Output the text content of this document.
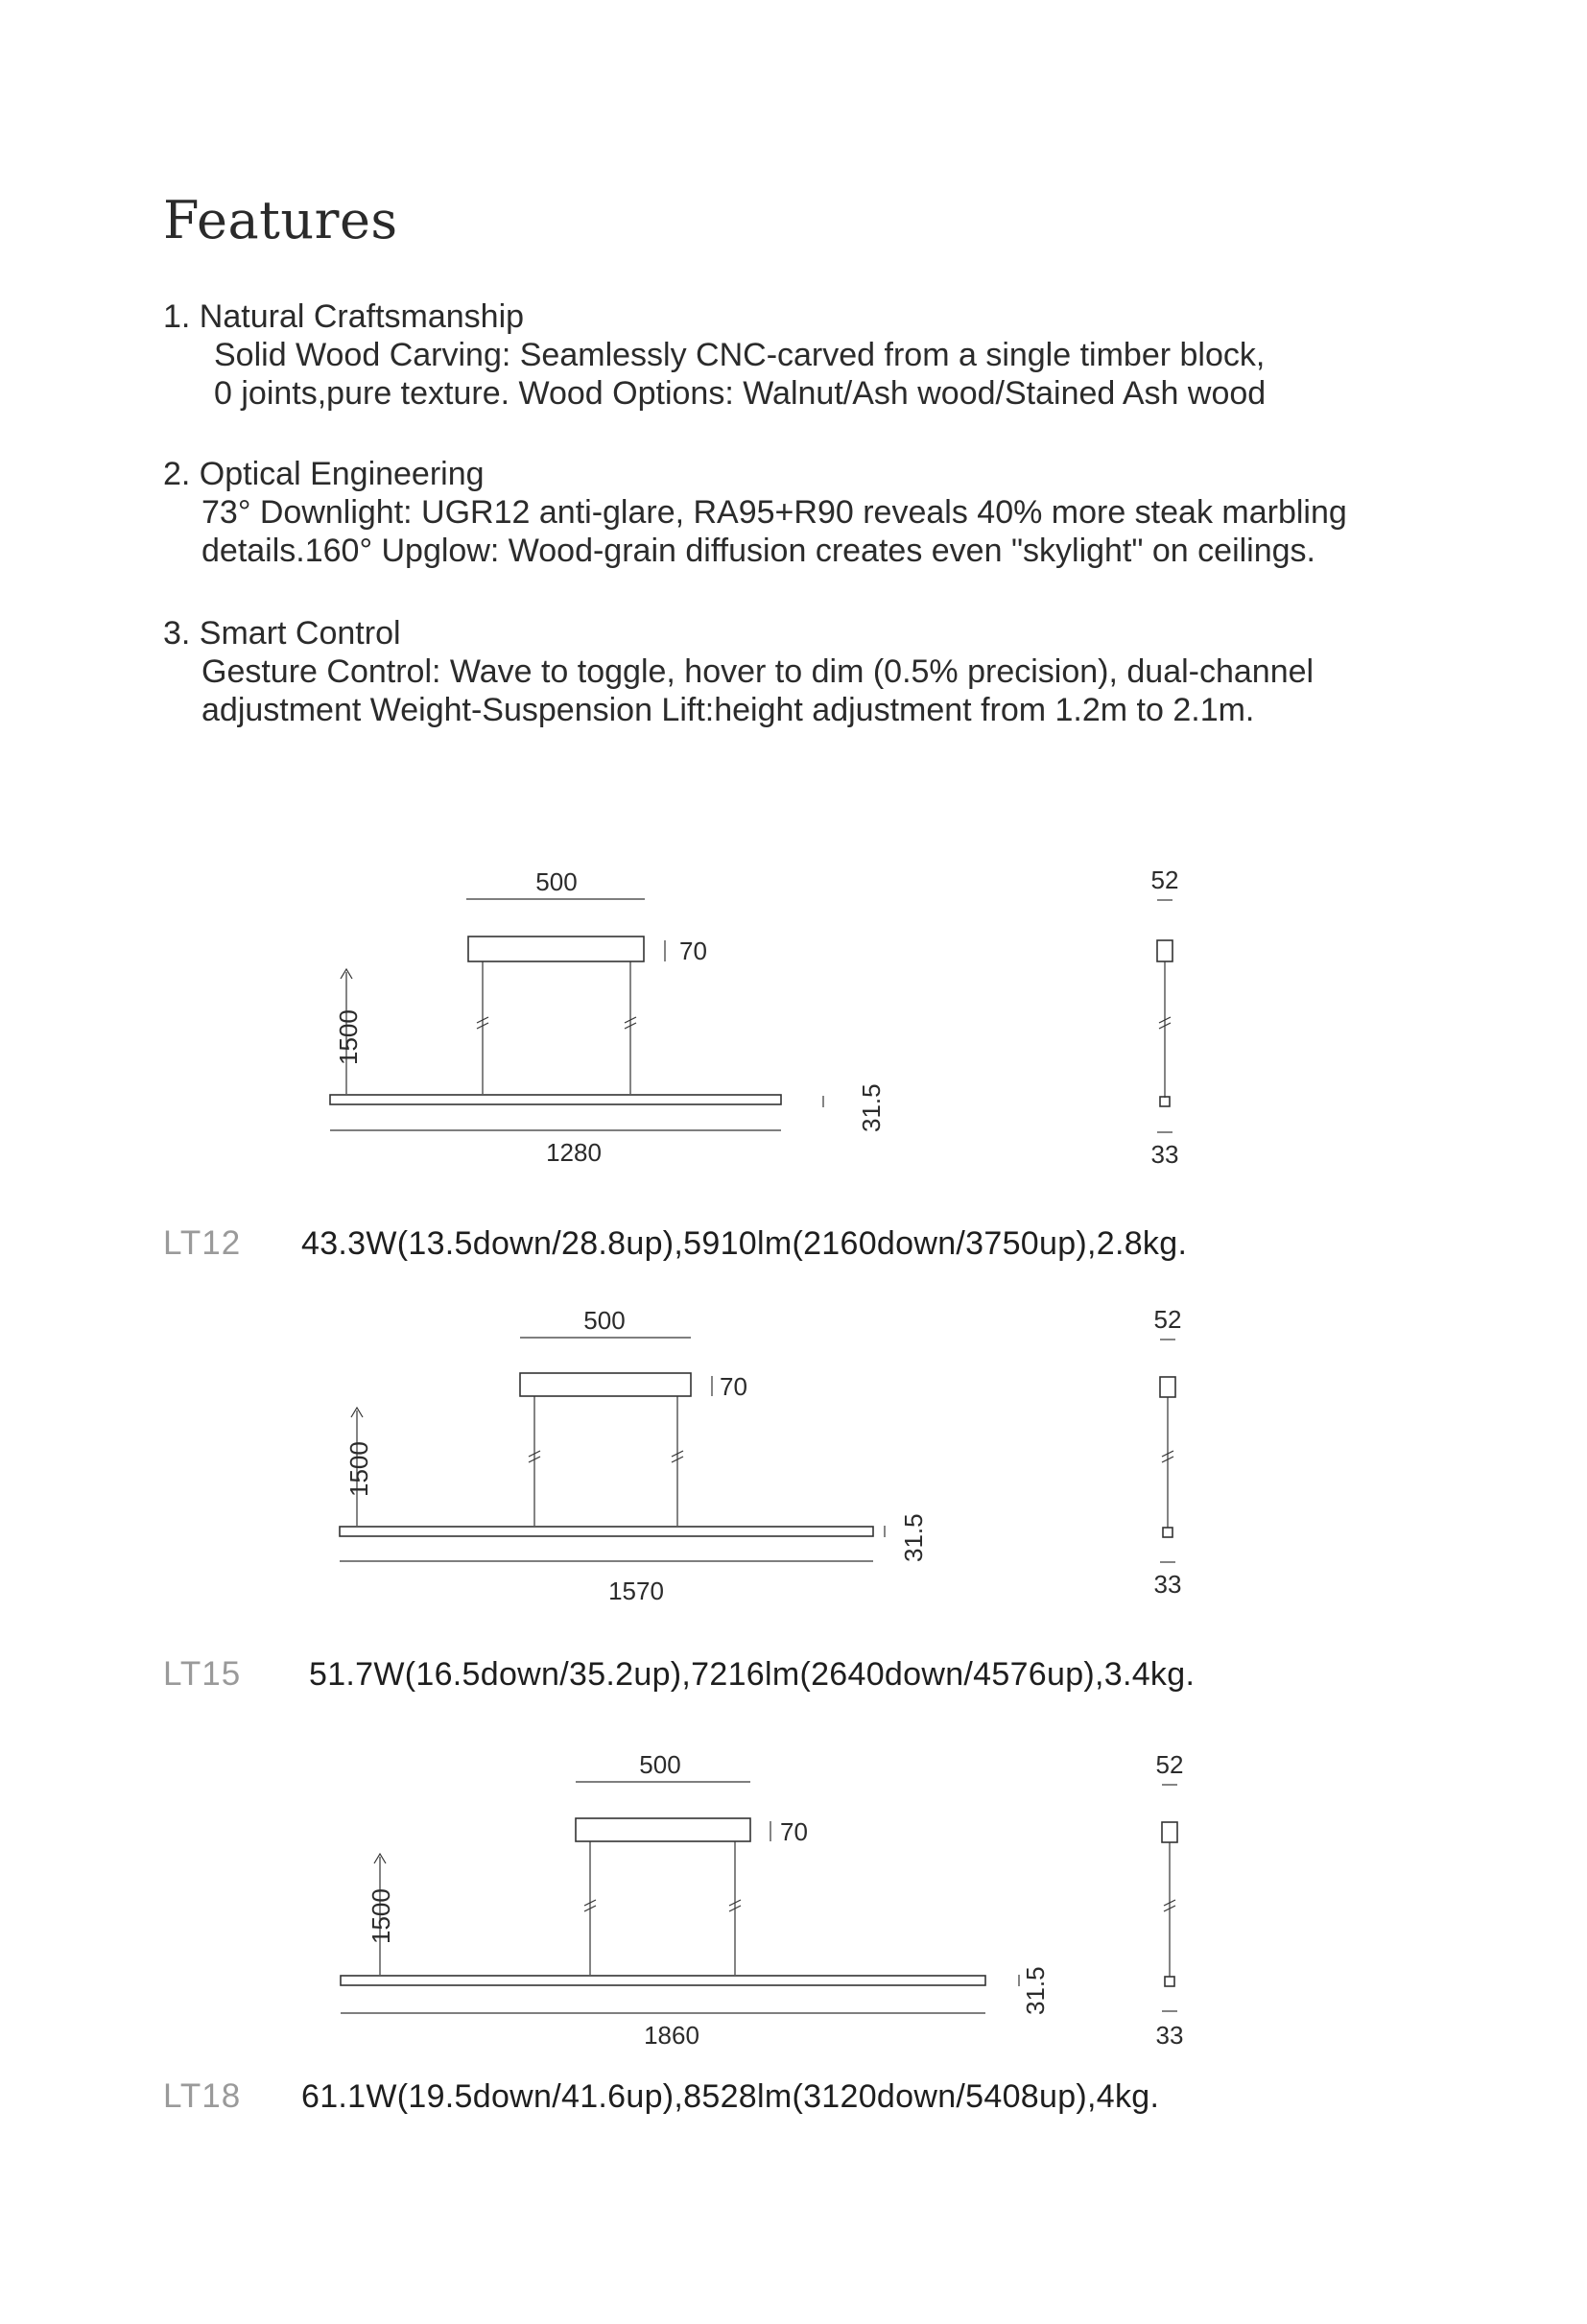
Features
1. Natural Craftsmanship
Solid Wood Carving: Seamlessly CNC-carved from a single timber block,
0 joints,pure texture. Wood Options: Walnut/Ash wood/Stained Ash wood
2. Optical Engineering
73° Downlight: UGR12 anti-glare, RA95+R90 reveals 40% more steak marbling
details.160° Upglow: Wood-grain diffusion creates even "skylight" on ceilings.
3. Smart Control
Gesture Control: Wave to toggle, hover to dim (0.5% precision), dual-channel
adjustment Weight-Suspension Lift:height adjustment from 1.2m to 2.1m.
500
70
1500
31.5
1280
52
33
LT12 43.3W(13.5down/28.8up),5910lm(2160down/3750up),2.8kg.
500
70
1500
31.5
1570
52
33
LT15 51.7W(16.5down/35.2up),7216lm(2640down/4576up),3.4kg.
500
70
1500
31.5
1860
52
33
LT18 61.1W(19.5down/41.6up),8528lm(3120down/5408up),4kg.
